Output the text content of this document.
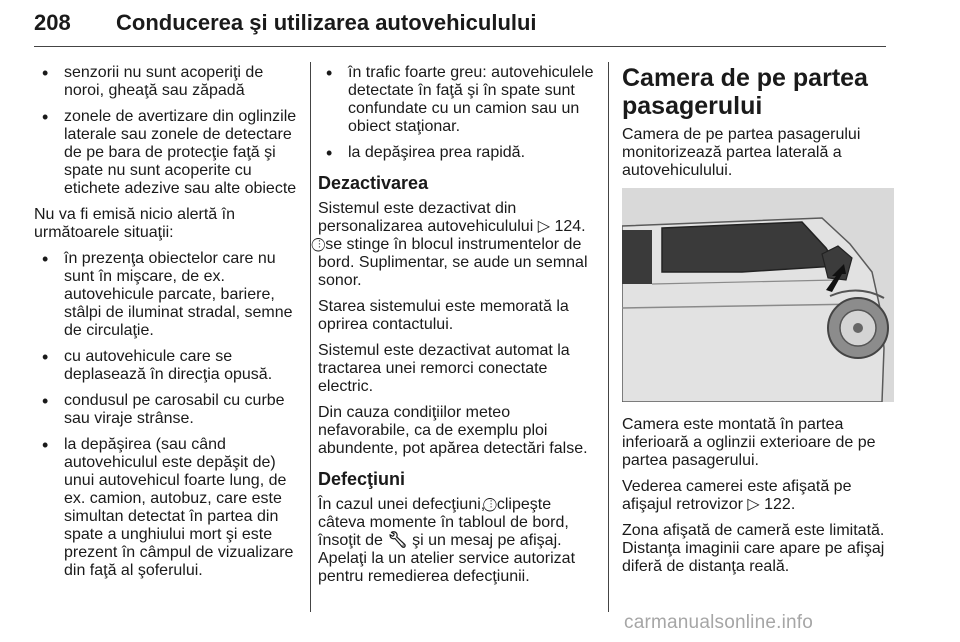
208 Conducerea şi utilizarea autovehiculului
• senzorii nu sunt acoperiţi de noroi, gheaţă sau zăpadă
• zonele de avertizare din oglinzile laterale sau zonele de detectare de pe bara de protecţie faţă şi spate nu sunt acoperite cu etichete adezive sau alte obiecte

Nu va fi emisă nicio alertă în următoarele situaţii:

• în prezenţa obiectelor care nu sunt în mişcare, de ex. autovehicule parcate, bariere, stâlpi de iluminat stradal, semne de circulaţie.
• cu autovehicule care se deplasează în direcţia opusă.
• condusul pe carosabil cu curbe sau viraje strânse.
• la depăşirea (sau când autovehiculul este depăşit de) unui autovehicul foarte lung, de ex. camion, autobuz, care este simultan detectat în partea din spate a unghiului mort şi este prezent în câmpul de vizualizare din faţă al şoferului.
• în trafic foarte greu: autovehiculele detectate în faţă şi în spate sunt confundate cu un camion sau un obiect staţionar.
• la depăşirea prea rapidă.
Dezactivarea

Sistemul este dezactivat din personalizarea autovehiculului ▷ 124.
⫶⃝ se stinge în blocul instrumentelor de bord. Suplimentar, se aude un semnal sonor.

Starea sistemului este memorată la oprirea contactului.

Sistemul este dezactivat automat la tractarea unei remorci conectate electric.

Din cauza condiţiilor meteo nefavorabile, ca de exemplu ploi abundente, pot apărea detectări false.

Defecţiuni

În cazul unei defecţiuni, ⫶⃝ clipeşte câteva momente în tabloul de bord, însoţit de 🔧︎ şi un mesaj pe afişaj. Apelaţi la un atelier service autorizat pentru remedierea defecţiunii.

Camera de pe partea pasagerului

Camera de pe partea pasagerului monitorizează partea laterală a autovehiculului.

Camera este montată în partea inferioară a oglinzii exterioare de pe partea pasagerului.

Vederea camerei este afişată pe afişajul retrovizor ▷ 122.

Zona afişată de cameră este limitată. Distanţa imaginii care apare pe afişaj diferă de distanţa reală.

carmanualsonline.info
